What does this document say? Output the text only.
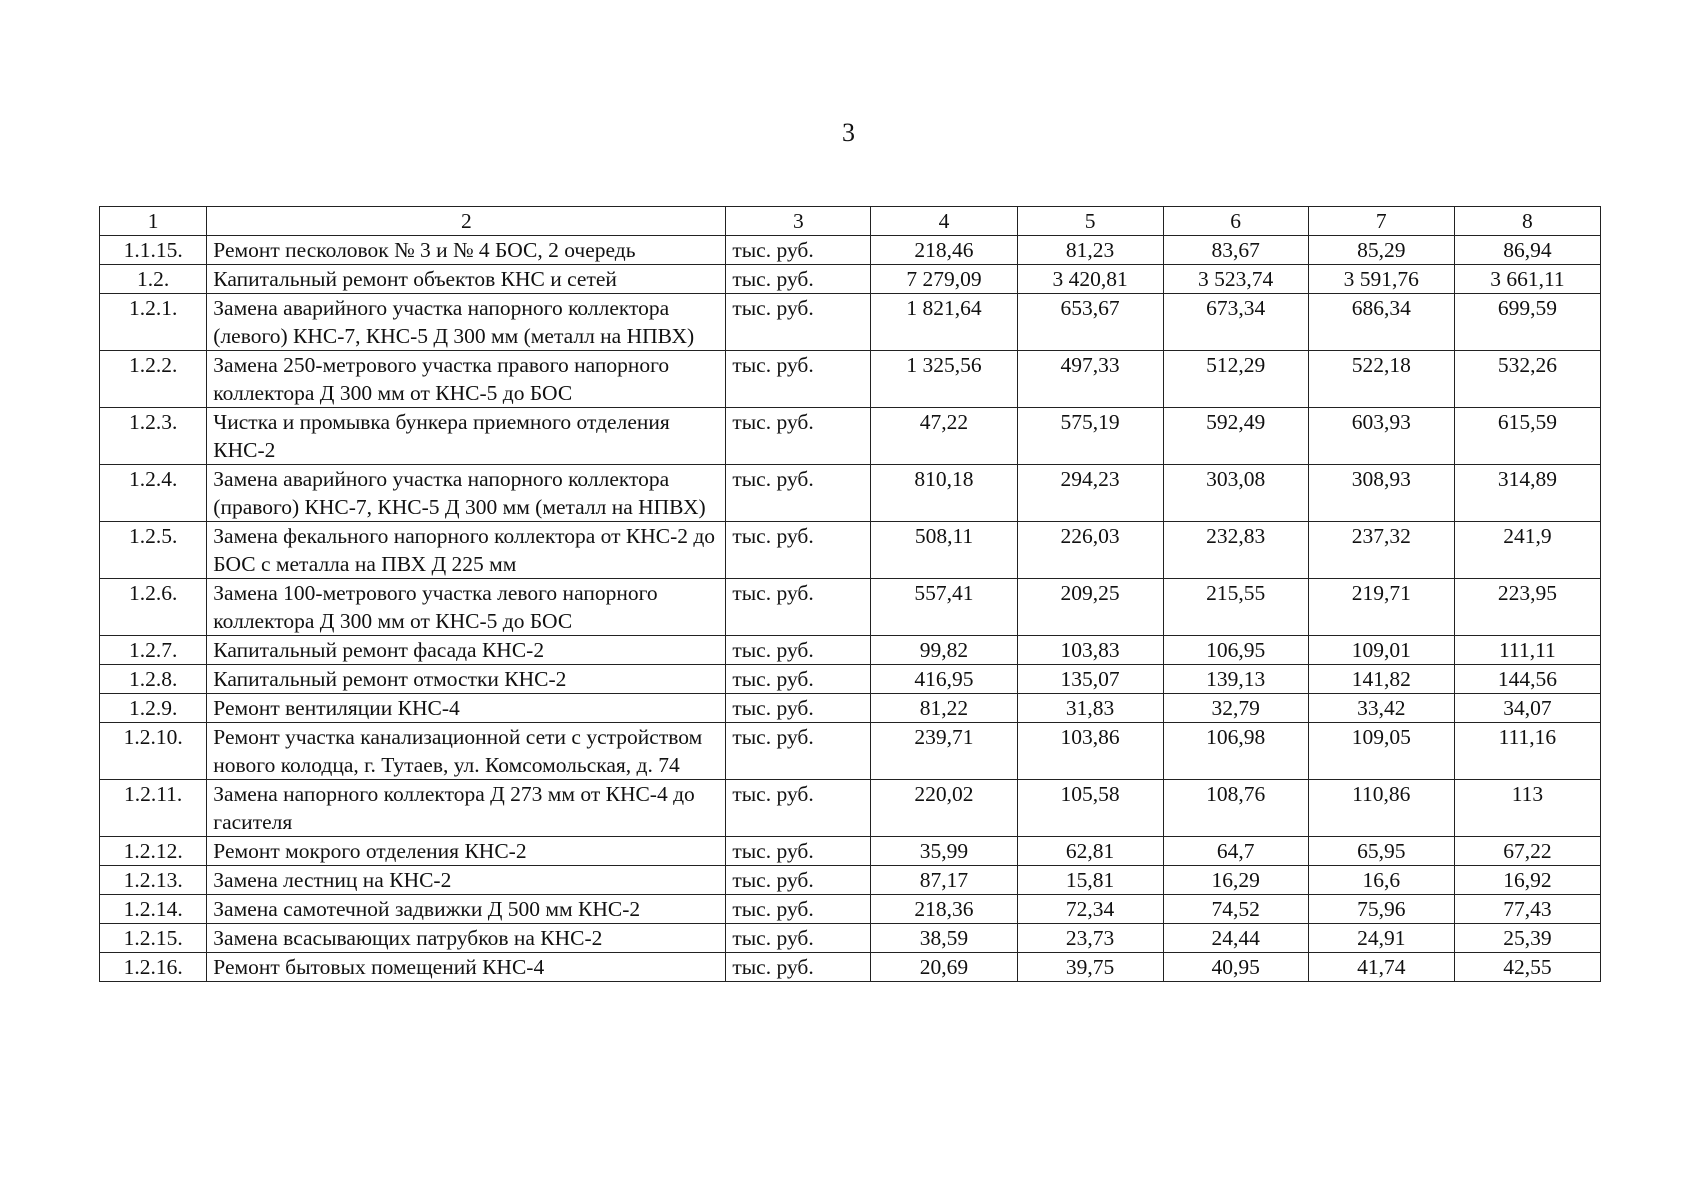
3
1	2	3	4	5	6	7	8
1.1.15.	Ремонт песколовок № 3 и № 4 БОС, 2 очередь	тыс. руб.	218,46	81,23	83,67	85,29	86,94
1.2.	Капитальный ремонт объектов КНС и сетей	тыс. руб.	7 279,09	3 420,81	3 523,74	3 591,76	3 661,11
1.2.1.	Замена аварийного участка напорного коллектора (левого) КНС-7, КНС-5 Д 300 мм (металл на НПВХ)	тыс. руб.	1 821,64	653,67	673,34	686,34	699,59
1.2.2.	Замена 250-метрового участка правого напорного коллектора Д 300 мм от КНС-5 до БОС	тыс. руб.	1 325,56	497,33	512,29	522,18	532,26
1.2.3.	Чистка и промывка бункера приемного отделения КНС-2	тыс. руб.	47,22	575,19	592,49	603,93	615,59
1.2.4.	Замена аварийного участка напорного коллектора (правого) КНС-7, КНС-5 Д 300 мм (металл на НПВХ)	тыс. руб.	810,18	294,23	303,08	308,93	314,89
1.2.5.	Замена фекального напорного коллектора от КНС-2 до БОС с металла на ПВХ Д 225 мм	тыс. руб.	508,11	226,03	232,83	237,32	241,9
1.2.6.	Замена 100-метрового участка левого напорного коллектора Д 300 мм от КНС-5 до БОС	тыс. руб.	557,41	209,25	215,55	219,71	223,95
1.2.7.	Капитальный ремонт фасада КНС-2	тыс. руб.	99,82	103,83	106,95	109,01	111,11
1.2.8.	Капитальный ремонт отмостки КНС-2	тыс. руб.	416,95	135,07	139,13	141,82	144,56
1.2.9.	Ремонт вентиляции КНС-4	тыс. руб.	81,22	31,83	32,79	33,42	34,07
1.2.10.	Ремонт участка канализационной сети с устройством нового колодца, г. Тутаев, ул. Комсомольская, д. 74	тыс. руб.	239,71	103,86	106,98	109,05	111,16
1.2.11.	Замена напорного коллектора Д 273 мм от КНС-4 до гасителя	тыс. руб.	220,02	105,58	108,76	110,86	113
1.2.12.	Ремонт мокрого отделения КНС-2	тыс. руб.	35,99	62,81	64,7	65,95	67,22
1.2.13.	Замена лестниц на КНС-2	тыс. руб.	87,17	15,81	16,29	16,6	16,92
1.2.14.	Замена самотечной задвижки Д 500 мм КНС-2	тыс. руб.	218,36	72,34	74,52	75,96	77,43
1.2.15.	Замена всасывающих патрубков на КНС-2	тыс. руб.	38,59	23,73	24,44	24,91	25,39
1.2.16.	Ремонт бытовых помещений КНС-4	тыс. руб.	20,69	39,75	40,95	41,74	42,55
